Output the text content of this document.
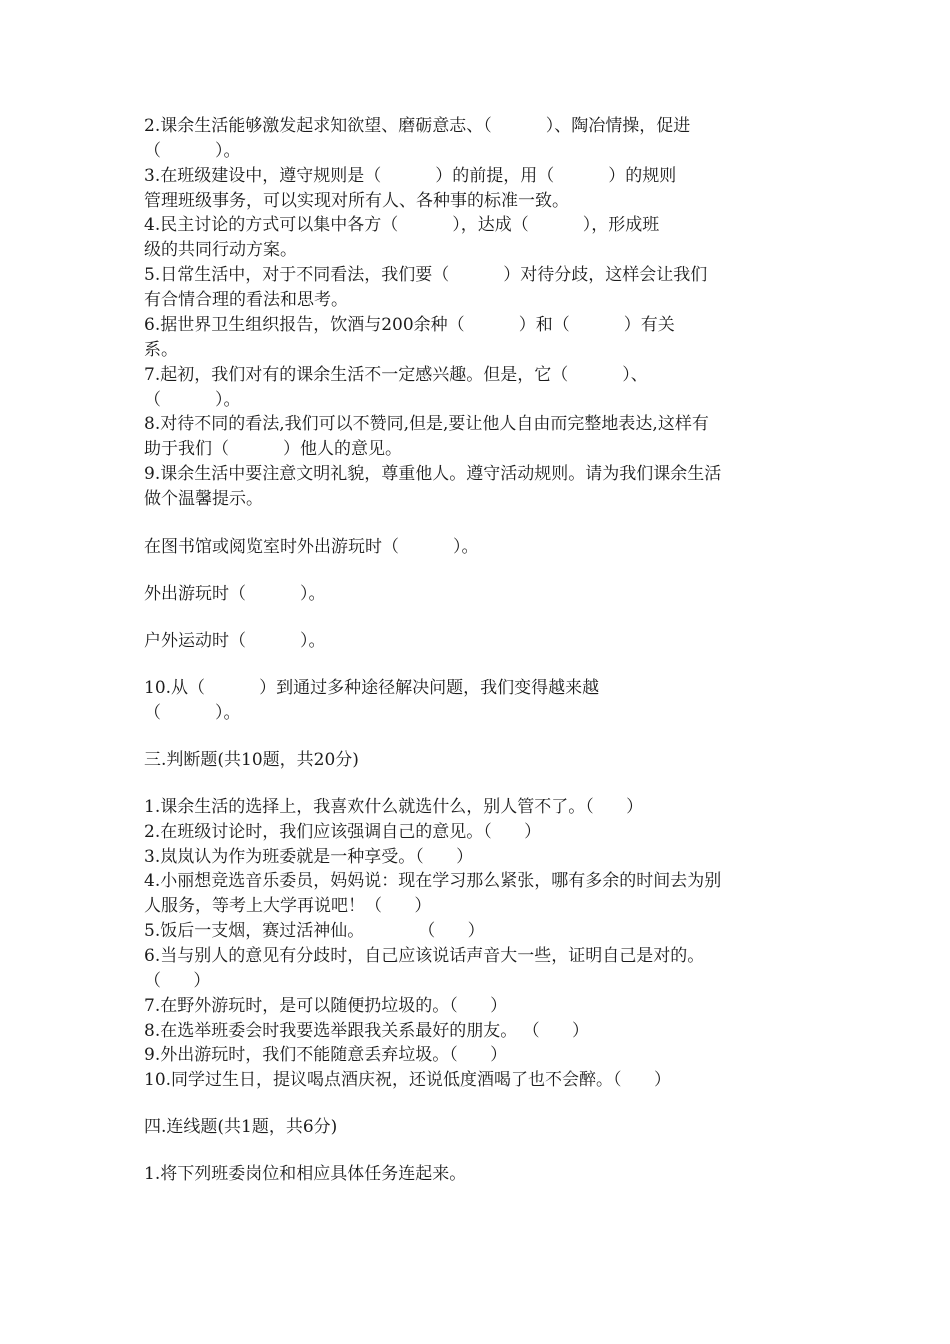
2.课余生活能够激发起求知欲望、磨砺意志、（          ）、陶冶情操，促进
（          ）。
3.在班级建设中，遵守规则是（          ）的前提，用（          ）的规则
管理班级事务，可以实现对所有人、各种事的标准一致。
4.民主讨论的方式可以集中各方（          ），达成（          ），形成班
级的共同行动方案。
5.日常生活中，对于不同看法，我们要（          ）对待分歧，这样会让我们
有合情合理的看法和思考。
6.据世界卫生组织报告，饮酒与200余种（          ）和（          ）有关
系。
7.起初，我们对有的课余生活不一定感兴趣。但是，它（          ）、
（          ）。
8.对待不同的看法,我们可以不赞同,但是,要让他人自由而完整地表达,这样有
助于我们（          ）他人的意见。
9.课余生活中要注意文明礼貌，尊重他人。遵守活动规则。请为我们课余生活
做个温馨提示。
在图书馆或阅览室时外出游玩时（          ）。
外出游玩时（          ）。
户外运动时（          ）。
10.从（          ）到通过多种途径解决问题，我们变得越来越
（          ）。
三.判断题(共10题，共20分)
1.课余生活的选择上，我喜欢什么就选什么，别人管不了。（      ）
2.在班级讨论时，我们应该强调自己的意见。（      ）
3.岚岚认为作为班委就是一种享受。（      ）
4.小丽想竞选音乐委员，妈妈说：现在学习那么紧张，哪有多余的时间去为别
人服务，等考上大学再说吧！（      ）
5.饭后一支烟，赛过活神仙。          （      ）
6.当与别人的意见有分歧时，自己应该说话声音大一些，证明自己是对的。
（      ）
7.在野外游玩时，是可以随便扔垃圾的。（      ）
8.在选举班委会时我要选举跟我关系最好的朋友。 （      ）
9.外出游玩时，我们不能随意丢弃垃圾。（      ）
10.同学过生日，提议喝点酒庆祝，还说低度酒喝了也不会醉。（      ）
四.连线题(共1题，共6分)
1.将下列班委岗位和相应具体任务连起来。
